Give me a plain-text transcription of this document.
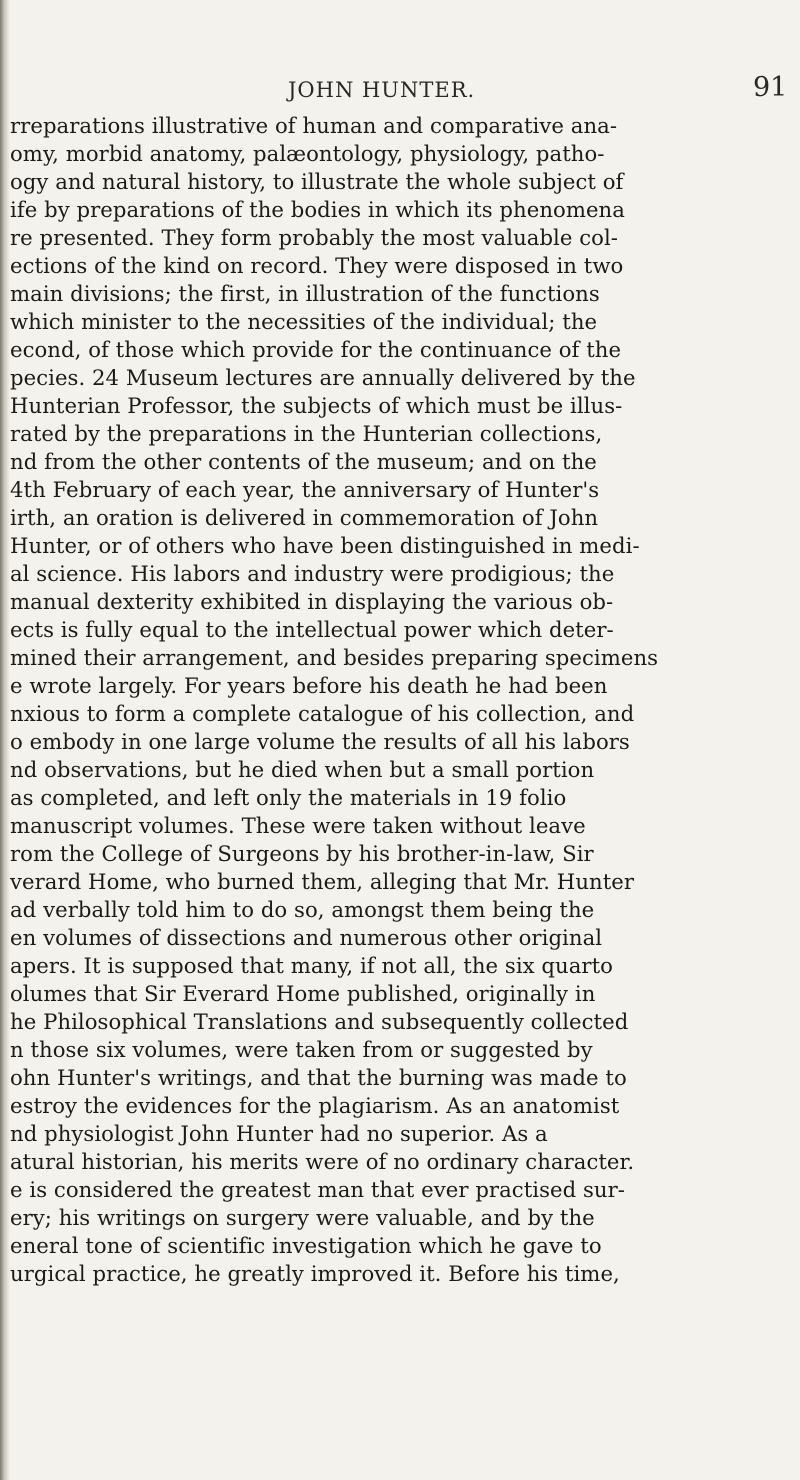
JOHN HUNTER.	91
rreparations illustrative of human and comparative ana-
omy, morbid anatomy, palæontology, physiology, patho-
ogy and natural history, to illustrate the whole subject of
ife by preparations of the bodies in which its phenomena
re presented. They form probably the most valuable col-
ections of the kind on record. They were disposed in two
main divisions; the first, in illustration of the functions
which minister to the necessities of the individual; the
econd, of those which provide for the continuance of the
pecies. 24 Museum lectures are annually delivered by the
Hunterian Professor, the subjects of which must be illus-
rated by the preparations in the Hunterian collections,
nd from the other contents of the museum; and on the
4th February of each year, the anniversary of Hunter's
irth, an oration is delivered in commemoration of John
Hunter, or of others who have been distinguished in medi-
al science. His labors and industry were prodigious; the
manual dexterity exhibited in displaying the various ob-
ects is fully equal to the intellectual power which deter-
mined their arrangement, and besides preparing specimens
e wrote largely. For years before his death he had been
nxious to form a complete catalogue of his collection, and
o embody in one large volume the results of all his labors
nd observations, but he died when but a small portion
as completed, and left only the materials in 19 folio
manuscript volumes. These were taken without leave
rom the College of Surgeons by his brother-in-law, Sir
verard Home, who burned them, alleging that Mr. Hunter
ad verbally told him to do so, amongst them being the
en volumes of dissections and numerous other original
apers. It is supposed that many, if not all, the six quarto
olumes that Sir Everard Home published, originally in
he Philosophical Translations and subsequently collected
n those six volumes, were taken from or suggested by
ohn Hunter's writings, and that the burning was made to
estroy the evidences for the plagiarism. As an anatomist
nd physiologist John Hunter had no superior. As a
atural historian, his merits were of no ordinary character.
e is considered the greatest man that ever practised sur-
ery; his writings on surgery were valuable, and by the
eneral tone of scientific investigation which he gave to
urgical practice, he greatly improved it. Before his time,
